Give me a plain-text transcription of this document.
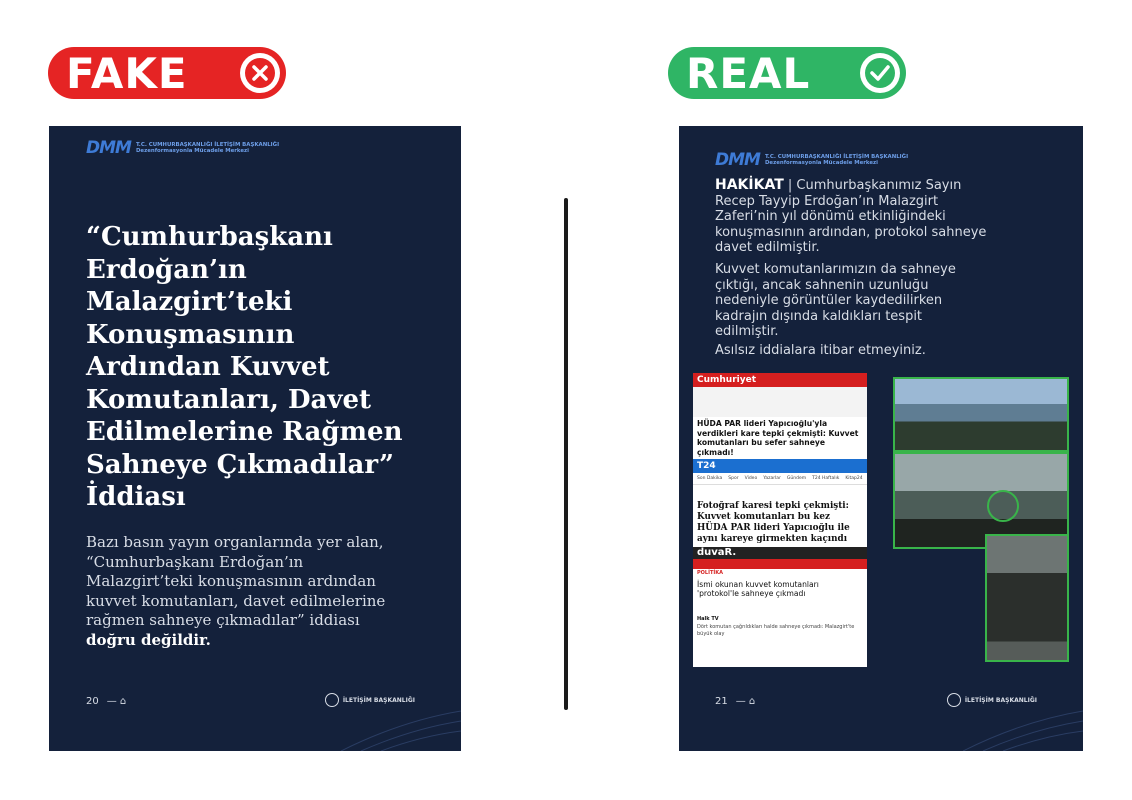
FAKE	REAL
DMM T.C. CUMHURBAŞKANLIĞI İLETİŞİM BAŞKANLIĞI
Dezenformasyonla Mücadele Merkezi
“Cumhurbaşkanı Erdoğan’ın Malazgirt’teki Konuşmasının Ardından Kuvvet Komutanları, Davet Edilmelerine Rağmen Sahneye Çıkmadılar” İddiası
Bazı basın yayın organlarında yer alan, “Cumhurbaşkanı Erdoğan’ın Malazgirt’teki konuşmasının ardından kuvvet komutanları, davet edilmelerine rağmen sahneye çıkmadılar” iddiası doğru değildir.
20 — ⌂	İLETİŞİM BAŞKANLIĞI
DMM T.C. CUMHURBAŞKANLIĞI İLETİŞİM BAŞKANLIĞI
Dezenformasyonla Mücadele Merkezi
HAKİKAT | Cumhurbaşkanımız Sayın Recep Tayyip Erdoğan’ın Malazgirt Zaferi’nin yıl dönümü etkinliğindeki konuşmasının ardından, protokol sahneye davet edilmiştir.
Kuvvet komutanlarımızın da sahneye çıktığı, ancak sahnenin uzunluğu nedeniyle görüntüler kaydedilirken kadrajın dışında kaldıkları tespit edilmiştir.
Asılsız iddialara itibar etmeyiniz.
Cumhuriyet
HÜDA PAR lideri Yapıcıoğlu'yla verdikleri kare tepki çekmişti: Kuvvet komutanları bu sefer sahneye çıkmadı!
T24
Son Dakika Spor Video Yazarlar Gündem T24 Haftalık Kitap24
Fotoğraf karesi tepki çekmişti: Kuvvet komutanları bu kez HÜDA PAR lideri Yapıcıoğlu ile aynı kareye girmekten kaçındı
duvaR.
POLİTİKA
İsmi okunan kuvvet komutanları 'protokol'le sahneye çıkmadı
Halk TV
Dört komutan çağrıldıkları halde sahneye çıkmadı: Malazgirt'te büyük olay
21 — ⌂	İLETİŞİM BAŞKANLIĞI
